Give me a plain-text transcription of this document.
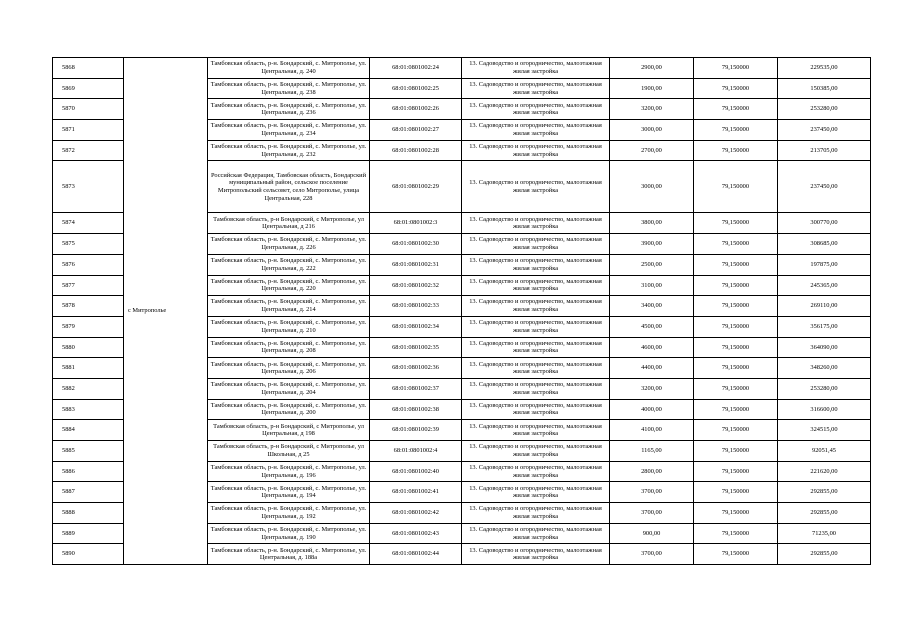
5868	с Митрополье	Тамбовская область, р-н. Бондарский, с. Митрополье, ул. Центральная, д. 240	68:01:0801002:24	13. Садоводство и огородничество, малоэтажная жилая застройка	2900,00	79,150000	229535,00
5869		Тамбовская область, р-н. Бондарский, с. Митрополье, ул. Центральная, д. 238	68:01:0801002:25	13. Садоводство и огородничество, малоэтажная жилая застройка	1900,00	79,150000	150385,00
5870		Тамбовская область, р-н. Бондарский, с. Митрополье, ул. Центральная, д. 236	68:01:0801002:26	13. Садоводство и огородничество, малоэтажная жилая застройка	3200,00	79,150000	253280,00
5871		Тамбовская область, р-н. Бондарский, с. Митрополье, ул. Центральная, д. 234	68:01:0801002:27	13. Садоводство и огородничество, малоэтажная жилая застройка	3000,00	79,150000	237450,00
5872		Тамбовская область, р-н. Бондарский, с. Митрополье, ул. Центральная, д. 232	68:01:0801002:28	13. Садоводство и огородничество, малоэтажная жилая застройка	2700,00	79,150000	213705,00
5873		Российская Федерация, Тамбовская область, Бондарский муниципальный район, сельское поселение Митропольский сельсовет, село Митрополье, улица Центральная, 228	68:01:0801002:29	13. Садоводство и огородничество, малоэтажная жилая застройка	3000,00	79,150000	237450,00
5874		Тамбовская область, р-н Бондарский, с Митрополье, ул Центральная, д 216	68:01:0801002:3	13. Садоводство и огородничество, малоэтажная жилая застройка	3800,00	79,150000	300770,00
5875		Тамбовская область, р-н. Бондарский, с. Митрополье, ул. Центральная, д. 226	68:01:0801002:30	13. Садоводство и огородничество, малоэтажная жилая застройка	3900,00	79,150000	308685,00
5876		Тамбовская область, р-н. Бондарский, с. Митрополье, ул. Центральная, д. 222	68:01:0801002:31	13. Садоводство и огородничество, малоэтажная жилая застройка	2500,00	79,150000	197875,00
5877		Тамбовская область, р-н. Бондарский, с. Митрополье, ул. Центральная, д. 220	68:01:0801002:32	13. Садоводство и огородничество, малоэтажная жилая застройка	3100,00	79,150000	245365,00
5878		Тамбовская область, р-н. Бондарский, с. Митрополье, ул. Центральная, д. 214	68:01:0801002:33	13. Садоводство и огородничество, малоэтажная жилая застройка	3400,00	79,150000	269110,00
5879		Тамбовская область, р-н. Бондарский, с. Митрополье, ул. Центральная, д. 210	68:01:0801002:34	13. Садоводство и огородничество, малоэтажная жилая застройка	4500,00	79,150000	356175,00
5880		Тамбовская область, р-н. Бондарский, с. Митрополье, ул. Центральная, д. 208	68:01:0801002:35	13. Садоводство и огородничество, малоэтажная жилая застройка	4600,00	79,150000	364090,00
5881		Тамбовская область, р-н. Бондарский, с. Митрополье, ул. Центральная, д. 206	68:01:0801002:36	13. Садоводство и огородничество, малоэтажная жилая застройка	4400,00	79,150000	348260,00
5882		Тамбовская область, р-н. Бондарский, с. Митрополье, ул. Центральная, д. 204	68:01:0801002:37	13. Садоводство и огородничество, малоэтажная жилая застройка	3200,00	79,150000	253280,00
5883		Тамбовская область, р-н. Бондарский, с. Митрополье, ул. Центральная, д. 200	68:01:0801002:38	13. Садоводство и огородничество, малоэтажная жилая застройка	4000,00	79,150000	316600,00
5884		Тамбовская область, р-н Бондарский, с Митрополье, ул Центральная, д 198	68:01:0801002:39	13. Садоводство и огородничество, малоэтажная жилая застройка	4100,00	79,150000	324515,00
5885		Тамбовская область, р-н Бондарский, с Митрополье, ул Школьная, д 25	68:01:0801002:4	13. Садоводство и огородничество, малоэтажная жилая застройка	1165,00	79,150000	92051,45
5886		Тамбовская область, р-н. Бондарский, с. Митрополье, ул. Центральная, д. 196	68:01:0801002:40	13. Садоводство и огородничество, малоэтажная жилая застройка	2800,00	79,150000	221620,00
5887		Тамбовская область, р-н. Бондарский, с. Митрополье, ул. Центральная, д. 194	68:01:0801002:41	13. Садоводство и огородничество, малоэтажная жилая застройка	3700,00	79,150000	292855,00
5888		Тамбовская область, р-н. Бондарский, с. Митрополье, ул. Центральная, д. 192	68:01:0801002:42	13. Садоводство и огородничество, малоэтажная жилая застройка	3700,00	79,150000	292855,00
5889		Тамбовская область, р-н. Бондарский, с. Митрополье, ул. Центральная, д. 190	68:01:0801002:43	13. Садоводство и огородничество, малоэтажная жилая застройка	900,00	79,150000	71235,00
5890		Тамбовская область, р-н. Бондарский, с. Митрополье, ул. Центральная, д. 188а	68:01:0801002:44	13. Садоводство и огородничество, малоэтажная жилая застройка	3700,00	79,150000	292855,00
